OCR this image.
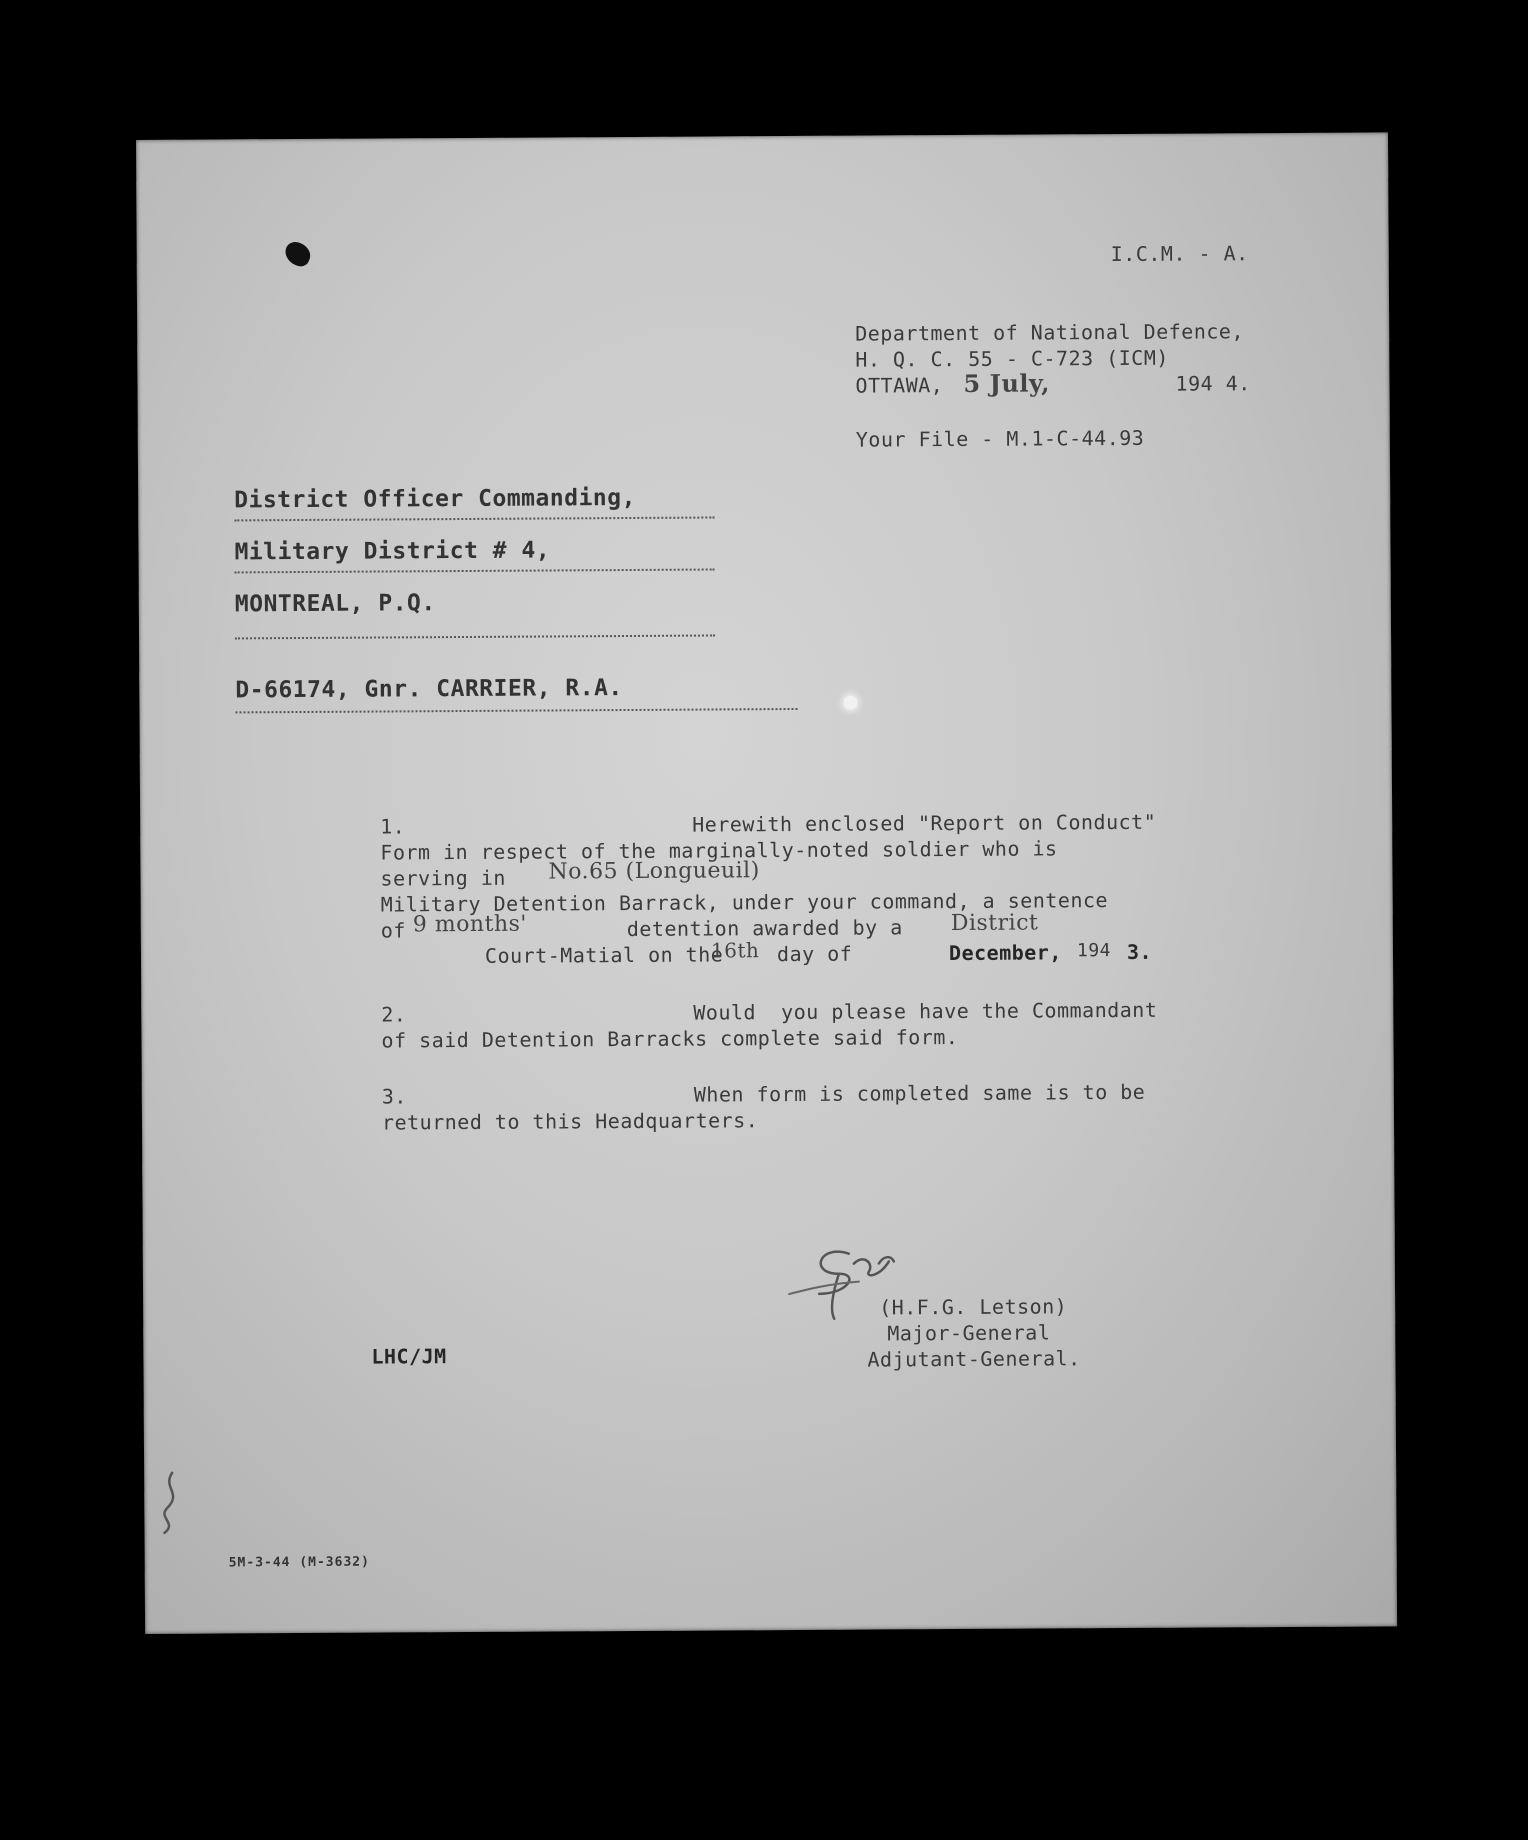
I.C.M. - A.
Department of National Defence,
H. Q. C. 55 - C-723 (ICM)
OTTAWA, 5 July,	194 4.
Your File - M.1-C-44.93
District Officer Commanding,
Military District # 4,
MONTREAL, P.Q.
D-66174, Gnr. CARRIER, R.A.
1.	Herewith enclosed "Report on Conduct"
Form in respect of the marginally-noted soldier who is
serving in No.65 (Longueuil)
Military Detention Barrack, under your command, a sentence
of 9 months'	detention awarded by a District
Court-Matial on the
16th day of	December, 194 3.
2.	Would  you please have the Commandant
of said Detention Barracks complete said form.
3.	When form is completed same is to be
returned to this Headquarters.
(H.F.G. Letson)
Major-General
Adjutant-General.
LHC/JM
5M-3-44 (M-3632)
